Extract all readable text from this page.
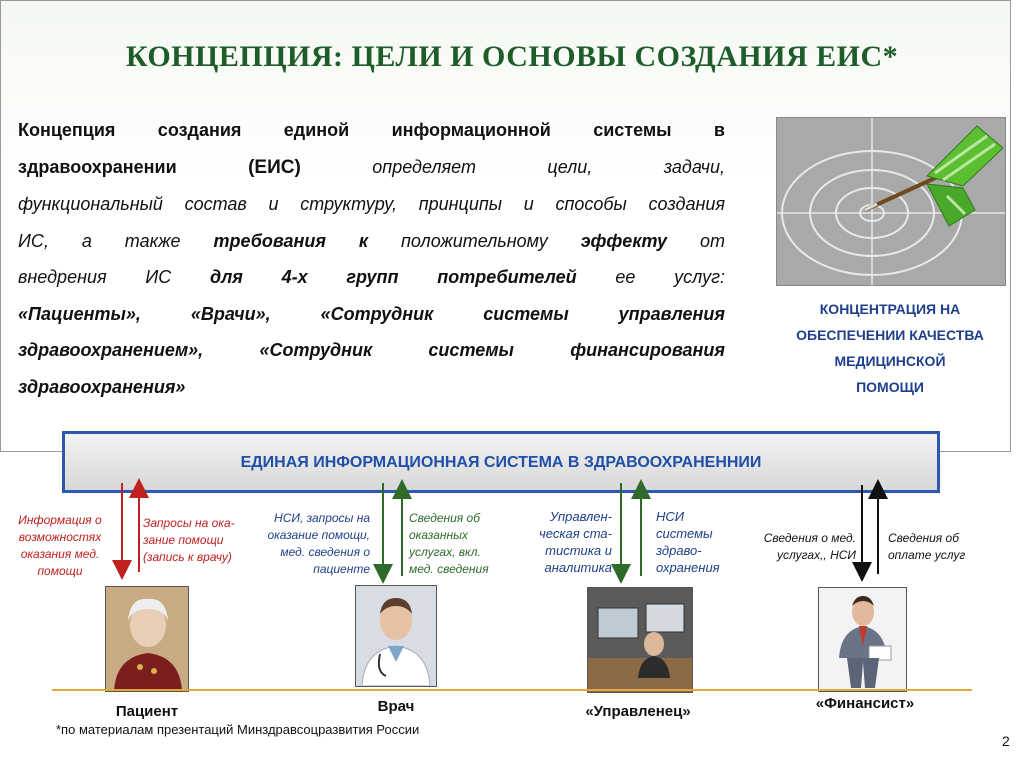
КОНЦЕПЦИЯ: ЦЕЛИ И ОСНОВЫ СОЗДАНИЯ ЕИС*
Концепция создания единой информационной системы в
здравоохранении	(ЕИС)	определяет цели, задачи,
функциональный состав и структуру, принципы и способы создания
ИС, а также требования к положительному эффекту от
внедрения ИС для 4-х групп потребителей ее услуг:
«Пациенты», «Врачи», «Сотрудник системы управления
здравоохранением», «Сотрудник системы финансирования
здравоохранения»
КОНЦЕНТРАЦИЯ НА
ОБЕСПЕЧЕНИИ КАЧЕСТВА
МЕДИЦИНСКОЙ
ПОМОЩИ
ЕДИНАЯ ИНФОРМАЦИОННАЯ СИСТЕМА В ЗДРАВООХРАНЕННИИ
Информация о
возможностях
оказания мед.
помощи
Запросы на ока-
зание помощи
(запись к врачу)
НСИ, запросы на
оказание помощи,
мед. сведения о
пациенте
Сведения об
оказанных
услугах, вкл.
мед. сведения
Управлен-
ческая ста-
тистика и
аналитика
НСИ
системы
здраво-
охранения
Сведения о мед.
услугах,, НСИ
Сведения об
оплате услуг
Пациент	Врач	«Управленец»	«Финансист»
*по материалам презентаций Минздравсоцразвития России
2
